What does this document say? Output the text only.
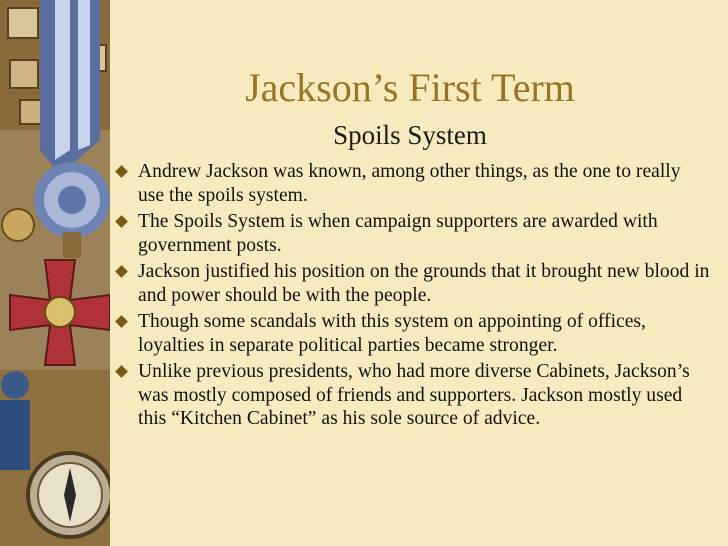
Jackson’s First Term
Spoils System
Andrew Jackson was known, among other things, as the one to really use the spoils system.
The Spoils System is when campaign supporters are awarded with government posts.
Jackson justified his position on the grounds that it brought new blood in and power should be with the people.
Though some scandals with this system on appointing of offices, loyalties in separate political parties became stronger.
Unlike previous presidents, who had more diverse Cabinets, Jackson’s was mostly composed of friends and supporters. Jackson mostly used this “Kitchen Cabinet” as his sole source of advice.
